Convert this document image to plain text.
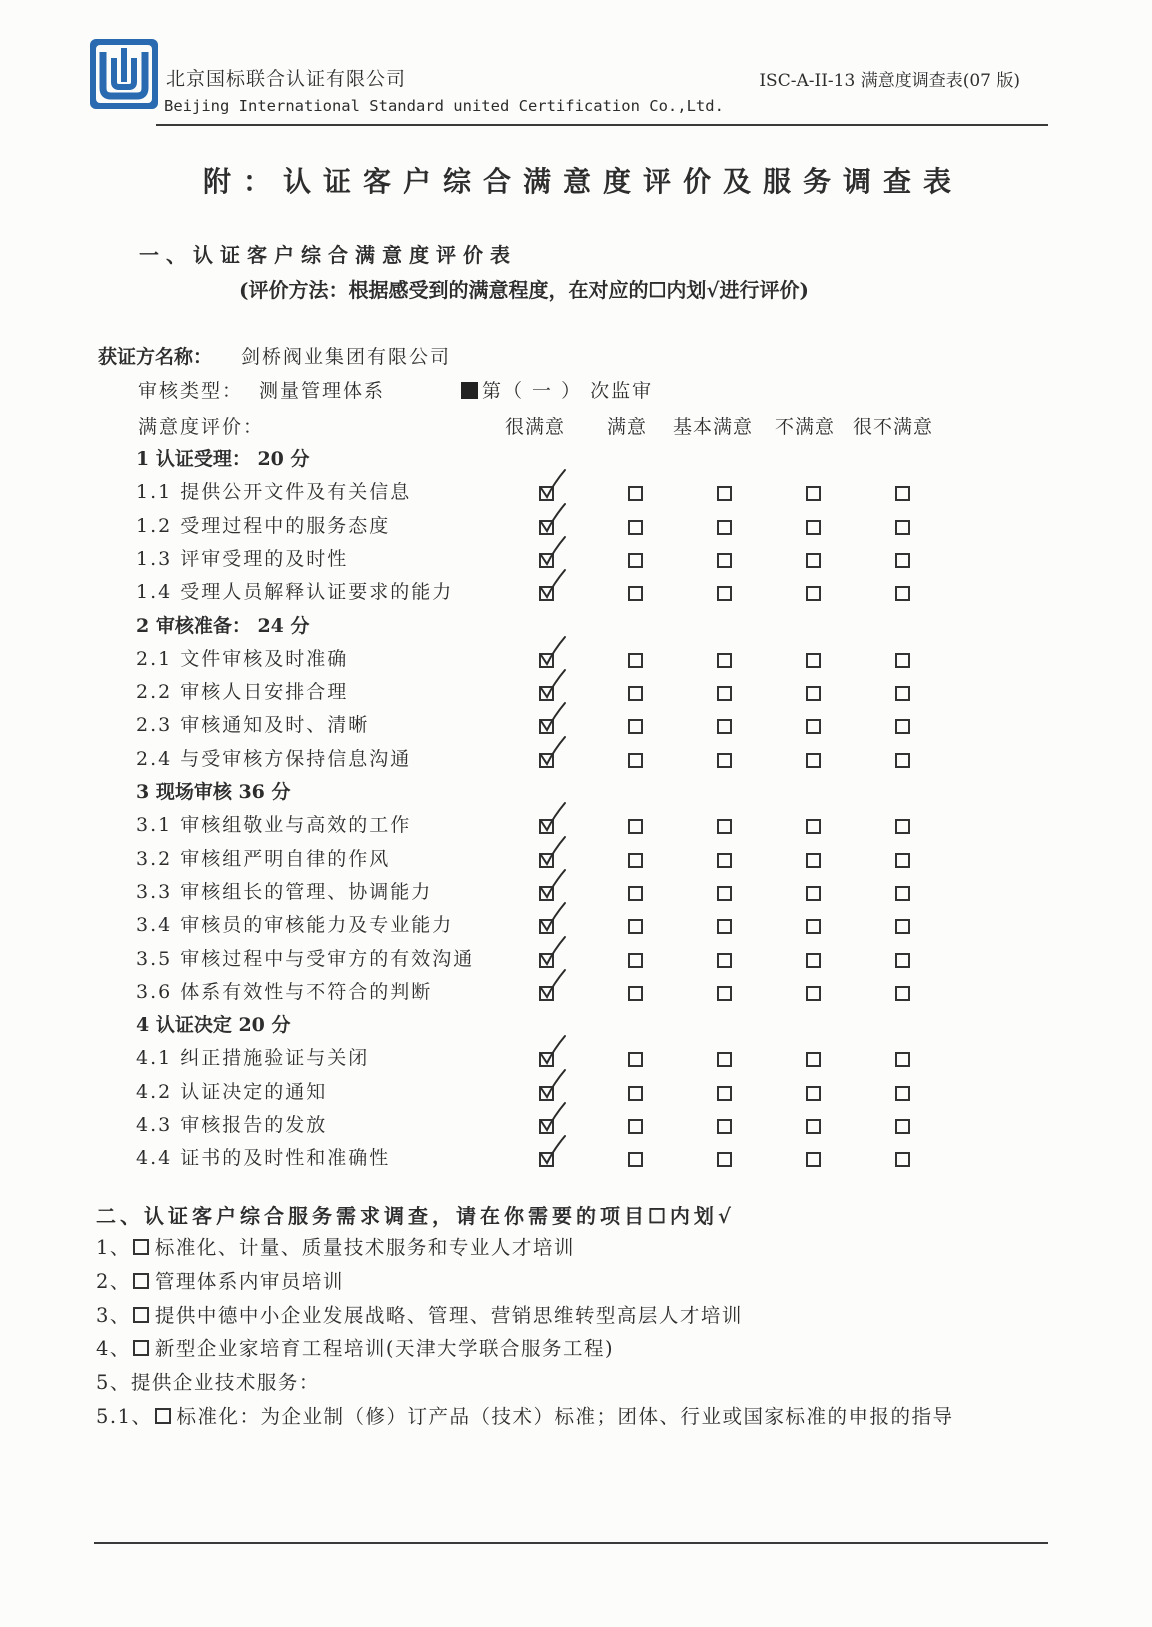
北京国标联合认证有限公司
Beijing International Standard united Certification Co.,Ltd.
ISC-A-II-13 满意度调查表(07 版)
附：认证客户综合满意度评价及服务调查表
一、认证客户综合满意度评价表
(评价方法：根据感受到的满意程度，在对应的☐内划√进行评价)
获证方名称： 剑桥阀业集团有限公司
审核类型： 测量管理体系	第（ 一 ） 次监审
满意度评价：	很满意 满意 基本满意 不满意 很不满意
1 认证受理： 20 分
1.1 提供公开文件及有关信息
1.2 受理过程中的服务态度
1.3 评审受理的及时性
1.4 受理人员解释认证要求的能力
2 审核准备： 24 分
2.1 文件审核及时准确
2.2 审核人日安排合理
2.3 审核通知及时、清晰
2.4 与受审核方保持信息沟通
3 现场审核 36 分
3.1 审核组敬业与高效的工作
3.2 审核组严明自律的作风
3.3 审核组长的管理、协调能力
3.4 审核员的审核能力及专业能力
3.5 审核过程中与受审方的有效沟通
3.6 体系有效性与不符合的判断
4 认证决定 20 分
4.1 纠正措施验证与关闭
4.2 认证决定的通知
4.3 审核报告的发放
4.4 证书的及时性和准确性
二、认证客户综合服务需求调查，请在你需要的项目☐内划√
1、 标准化、计量、质量技术服务和专业人才培训
2、 管理体系内审员培训
3、 提供中德中小企业发展战略、管理、营销思维转型高层人才培训
4、 新型企业家培育工程培训(天津大学联合服务工程)
5、提供企业技术服务：
5.1、 标准化：为企业制（修）订产品（技术）标准；团体、行业或国家标准的申报的指导
